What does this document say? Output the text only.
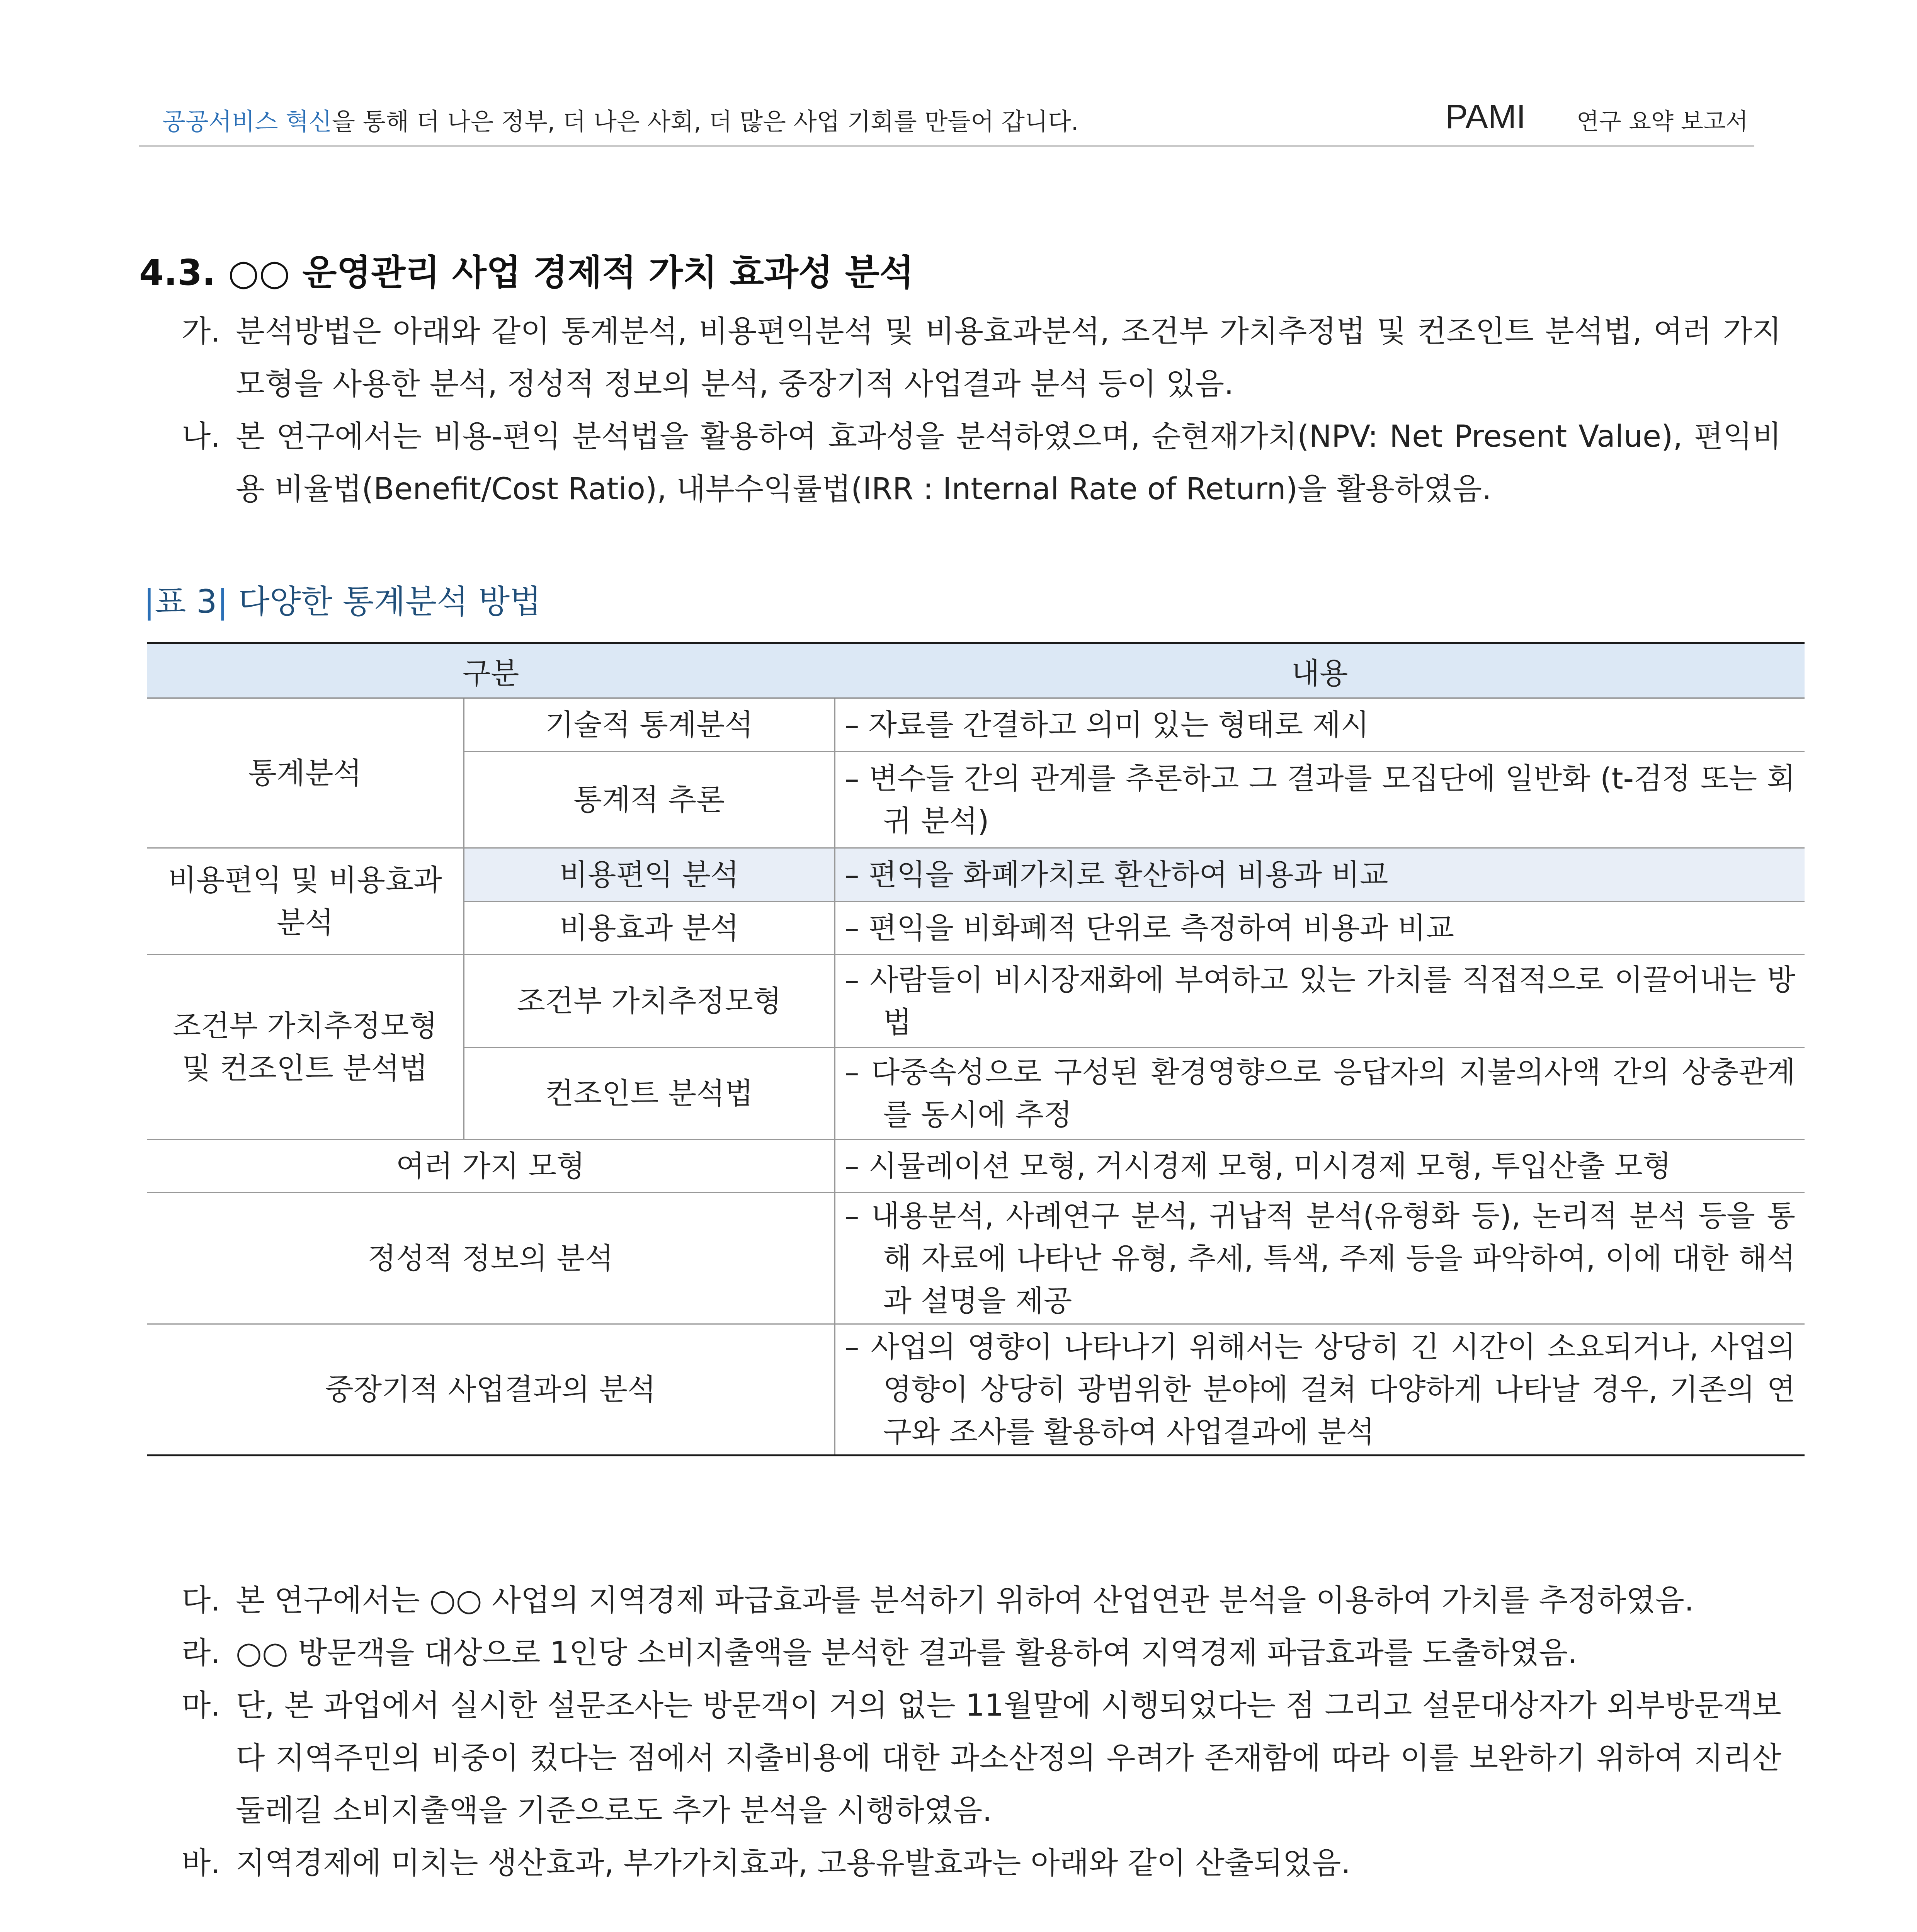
공공서비스 혁신을 통해 더 나은 정부, 더 나은 사회, 더 많은 사업 기회를 만들어 갑니다.	PAMI 연구 요약 보고서
4.3. ○○ 운영관리 사업 경제적 가치 효과성 분석
가. 분석방법은 아래와 같이 통계분석, 비용편익분석 및 비용효과분석, 조건부 가치추정법 및 컨조인트 분석법, 여러 가지 모형을 사용한 분석, 정성적 정보의 분석, 중장기적 사업결과 분석 등이 있음.
나. 본 연구에서는 비용-편익 분석법을 활용하여 효과성을 분석하였으며, 순현재가치(NPV: Net Present Value), 편익비용 비율법(Benefit/Cost Ratio), 내부수익률법(IRR : Internal Rate of Return)을 활용하였음.
|표 3| 다양한 통계분석 방법
구분		내용
통계분석	기술적 통계분석	– 자료를 간결하고 의미 있는 형태로 제시

	통계적 추론	– 변수들 간의 관계를 추론하고 그 결과를 모집단에 일반화 (t-검정 또는 회귀 분석)

비용편익 및 비용효과분석	비용편익 분석	– 편익을 화폐가치로 환산하여 비용과 비교

	비용효과 분석	– 편익을 비화폐적 단위로 측정하여 비용과 비교

조건부 가치추정모형 및 컨조인트 분석법	조건부 가치추정모형	– 사람들이 비시장재화에 부여하고 있는 가치를 직접적으로 이끌어내는 방법

	컨조인트 분석법	– 다중속성으로 구성된 환경영향으로 응답자의 지불의사액 간의 상충관계를 동시에 추정

여러 가지 모형		– 시뮬레이션 모형, 거시경제 모형, 미시경제 모형, 투입산출 모형

정성적 정보의 분석		– 내용분석, 사례연구 분석, 귀납적 분석(유형화 등), 논리적 분석 등을 통해 자료에 나타난 유형, 추세, 특색, 주제 등을 파악하여, 이에 대한 해석과 설명을 제공

중장기적 사업결과의 분석		– 사업의 영향이 나타나기 위해서는 상당히 긴 시간이 소요되거나, 사업의 영향이 상당히 광범위한 분야에 걸쳐 다양하게 나타날 경우, 기존의 연구와 조사를 활용하여 사업결과에 분석
다. 본 연구에서는 ○○ 사업의 지역경제 파급효과를 분석하기 위하여 산업연관 분석을 이용하여 가치를 추정하였음.
라. ○○ 방문객을 대상으로 1인당 소비지출액을 분석한 결과를 활용하여 지역경제 파급효과를 도출하였음.
마. 단, 본 과업에서 실시한 설문조사는 방문객이 거의 없는 11월말에 시행되었다는 점 그리고 설문대상자가 외부방문객보다 지역주민의 비중이 컸다는 점에서 지출비용에 대한 과소산정의 우려가 존재함에 따라 이를 보완하기 위하여 지리산둘레길 소비지출액을 기준으로도 추가 분석을 시행하였음.
바. 지역경제에 미치는 생산효과, 부가가치효과, 고용유발효과는 아래와 같이 산출되었음.
